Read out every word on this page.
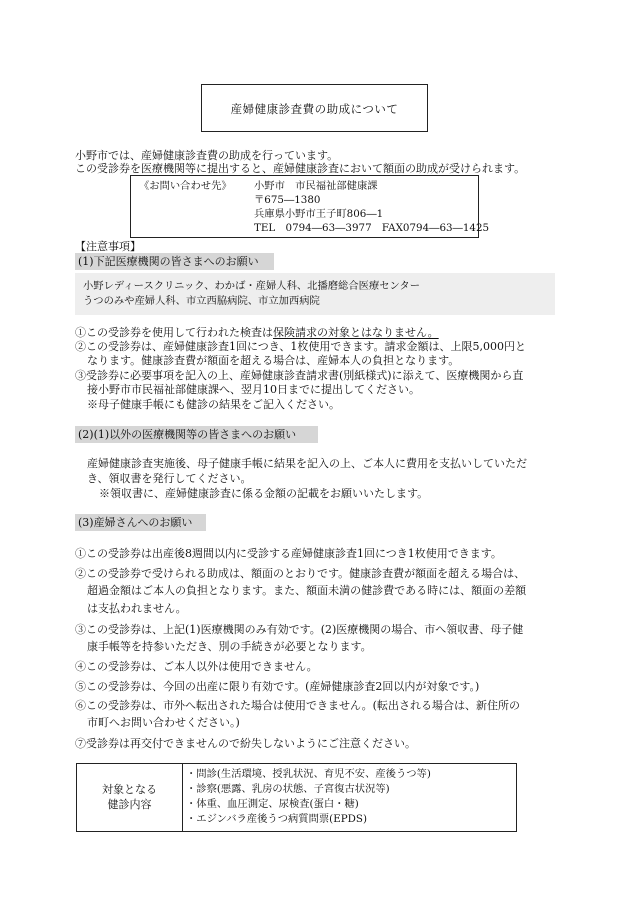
産婦健康診査費の助成について
小野市では、産婦健康診査費の助成を行っています。
この受診券を医療機関等に提出すると、産婦健康診査において額面の助成が受けられます。
《お問い合わせ先》 小野市　市民福祉部健康課
〒675―1380
兵庫県小野市王子町806―1
TEL　0794―63―3977　FAX0794―63―1425
【注意事項】
(1)下記医療機関の皆さまへのお願い
小野レディースクリニック、わかば・産婦人科、北播磨総合医療センター
うつのみや産婦人科、市立西脇病院、市立加西病院
①この受診券を使用して行われた検査は保険請求の対象とはなりません。
②この受診券は、産婦健康診査1回につき、1枚使用できます。請求金額は、上限5,000円と
なります。健康診査費が額面を超える場合は、産婦本人の負担となります。
③受診券に必要事項を記入の上、産婦健康診査請求書(別紙様式)に添えて、医療機関から直
接小野市市民福祉部健康課へ、翌月10日までに提出してください。
※母子健康手帳にも健診の結果をご記入ください。
(2)(1)以外の医療機関等の皆さまへのお願い
産婦健康診査実施後、母子健康手帳に結果を記入の上、ご本人に費用を支払いしていただ
き、領収書を発行してください。
※領収書に、産婦健康診査に係る金額の記載をお願いいたします。
(3)産婦さんへのお願い
①この受診券は出産後8週間以内に受診する産婦健康診査1回につき1枚使用できます。
②この受診券で受けられる助成は、額面のとおりです。健康診査費が額面を超える場合は、
超過金額はご本人の負担となります。また、額面未満の健診費である時には、額面の差額
は支払われません。
③この受診券は、上記(1)医療機関のみ有効です。(2)医療機関の場合、市へ領収書、母子健
康手帳等を持参いただき、別の手続きが必要となります。
④この受診券は、ご本人以外は使用できません。
⑤この受診券は、今回の出産に限り有効です。(産婦健康診査2回以内が対象です。)
⑥この受診券は、市外へ転出された場合は使用できません。(転出される場合は、新住所の
市町へお問い合わせください。)
⑦受診券は再交付できませんので紛失しないようにご注意ください。
対象となる
健診内容
・問診(生活環境、授乳状況、育児不安、産後うつ等)
・診察(悪露、乳房の状態、子宮復古状況等)
・体重、血圧測定、尿検査(蛋白・糖)
・エジンバラ産後うつ病質問票(EPDS)
